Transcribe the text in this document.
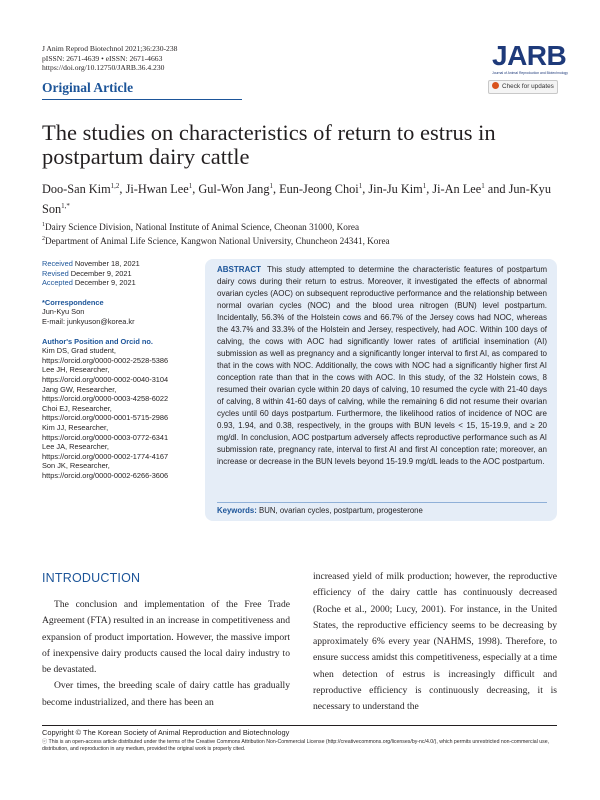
J Anim Reprod Biotechnol 2021;36:230-238
pISSN: 2671-4639 • eISSN: 2671-4663
https://doi.org/10.12750/JARB.36.4.230
Original Article
JARB
Journal of Animal Reproduction and Biotechnology
Check for updates
The studies on characteristics of return to estrus in postpartum dairy cattle
Doo-San Kim$^{1,2}$, Ji-Hwan Lee$^1$, Gul-Won Jang$^1$, Eun-Jeong Choi$^1$, Jin-Ju Kim$^1$, Ji-An Lee$^1$ and Jun-Kyu Son$^{1,*}$
$^1$Dairy Science Division, National Institute of Animal Science, Cheonan 31000, Korea
$^2$Department of Animal Life Science, Kangwon National University, Chuncheon 24341, Korea
Received November 18, 2021
Revised December 9, 2021
Accepted December 9, 2021
*Correspondence
Jun-Kyu Son
E-mail: junkyuson@korea.kr
Author's Position and Orcid no.
Kim DS, Grad student,
https://orcid.org/0000-0002-2528-5386
Lee JH, Researcher,
https://orcid.org/0000-0002-0040-3104
Jang GW, Researcher,
https://orcid.org/0000-0003-4258-6022
Choi EJ, Researcher,
https://orcid.org/0000-0001-5715-2986
Kim JJ, Researcher,
https://orcid.org/0000-0003-0772-6341
Lee JA, Researcher,
https://orcid.org/0000-0002-1774-4167
Son JK, Researcher,
https://orcid.org/0000-0002-6266-3606
ABSTRACT This study attempted to determine the characteristic features of postpartum dairy cows during their return to estrus. Moreover, it investigated the effects of abnormal ovarian cycles (AOC) on subsequent reproductive performance and the relationship between normal ovarian cycles (NOC) and the blood urea nitrogen (BUN) level postpartum. Incidentally, 56.3% of the Holstein cows and 66.7% of the Jersey cows had NOC, whereas the 43.7% and 33.3% of the Holstein and Jersey, respectively, had AOC. Within 100 days of calving, the cows with AOC had significantly lower rates of artificial insemination (AI) submission as well as pregnancy and a significantly longer interval to first AI, as compared to that in the cows with NOC. Additionally, the cows with NOC had a significantly higher first AI conception rate than that in the cows with AOC. In this study, of the 32 Holstein cows, 8 resumed their ovarian cycle within 20 days of calving, 10 resumed the cycle with 21-40 days of calving, 8 within 41-60 days of calving, while the remaining 6 did not resume their ovarian cycles until 60 days postpartum. Furthermore, the likelihood ratios of incidence of NOC are 0.93, 1.94, and 0.38, respectively, in the groups with BUN levels < 15, 15-19.9, and ≥ 20 mg/dl. In conclusion, AOC postpartum adversely affects reproductive performance such as AI submission rate, pregnancy rate, interval to first AI and first AI conception rate; moreover, an increase or decrease in the BUN levels beyond 15-19.9 mg/dL leads to the AOC postpartum.
Keywords: BUN, ovarian cycles, postpartum, progesterone
INTRODUCTION

The conclusion and implementation of the Free Trade Agreement (FTA) resulted in an increase in competitiveness and expansion of product importation. However, the massive import of inexpensive dairy products caused the local dairy industry to be devastated.

Over times, the breeding scale of dairy cattle has gradually become industrialized, and there has been an

increased yield of milk production; however, the reproductive efficiency of the dairy cattle has continuously decreased (Roche et al., 2000; Lucy, 2001). For instance, in the United States, the reproductive efficiency seems to be decreasing by approximately 6% every year (NAHMS, 1998). Therefore, to ensure success amidst this competitiveness, especially at a time when detection of estrus is increasingly difficult and reproductive efficiency is continuously decreasing, it is necessary to understand the

Copyright © The Korean Society of Animal Reproduction and Biotechnology
ⓒ This is an open-access article distributed under the terms of the Creative Commons Attribution Non-Commercial License (http://creativecommons.org/licenses/by-nc/4.0/), which permits unrestricted non-commercial use, distribution, and reproduction in any medium, provided the original work is properly cited.
